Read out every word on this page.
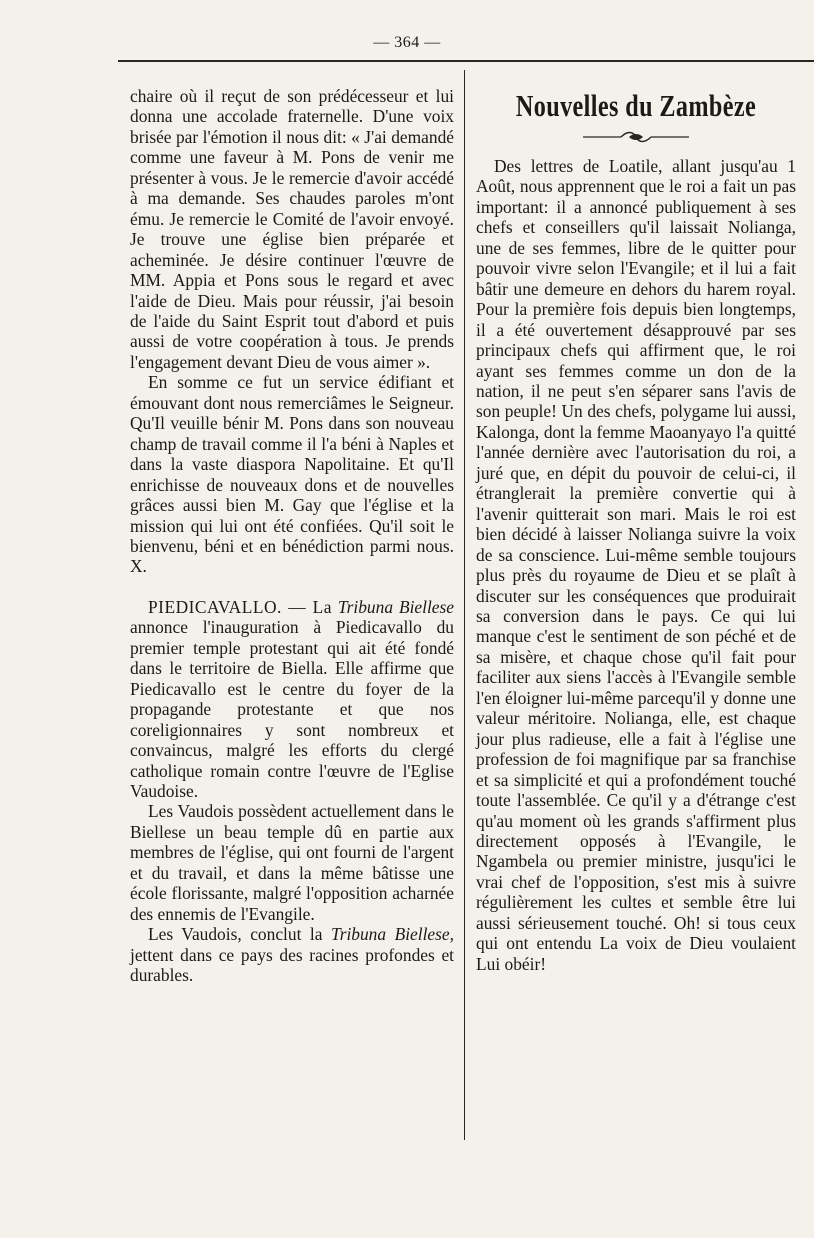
— 364 —

chaire où il reçut de son prédécesseur et lui donna une accolade fraternelle. D'une voix brisée par l'émotion il nous dit: « J'ai demandé comme une faveur à M. Pons de venir me présenter à vous. Je le remercie d'avoir accédé à ma demande. Ses chaudes paroles m'ont ému. Je remercie le Comité de l'avoir envoyé. Je trouve une église bien préparée et acheminée. Je désire continuer l'œuvre de MM. Appia et Pons sous le regard et avec l'aide de Dieu. Mais pour réussir, j'ai besoin de l'aide du Saint Esprit tout d'abord et puis aussi de votre coopération à tous. Je prends l'engagement devant Dieu de vous aimer ».

En somme ce fut un service édifiant et émouvant dont nous remerciâmes le Seigneur. Qu'Il veuille bénir M. Pons dans son nouveau champ de travail comme il l'a béni à Naples et dans la vaste diaspora Napolitaine. Et qu'Il enrichisse de nouveaux dons et de nouvelles grâces aussi bien M. Gay que l'église et la mission qui lui ont été confiées. Qu'il soit le bienvenu, béni et en bénédiction parmi nous. X.

PIEDICAVALLO. — La Tribuna Biellese annonce l'inauguration à Piedicavallo du premier temple protestant qui ait été fondé dans le territoire de Biella. Elle affirme que Piedicavallo est le centre du foyer de la propagande protestante et que nos coreligionnaires y sont nombreux et convaincus, malgré les efforts du clergé catholique romain contre l'œuvre de l'Eglise Vaudoise.

Les Vaudois possèdent actuellement dans le Biellese un beau temple dû en partie aux membres de l'église, qui ont fourni de l'argent et du travail, et dans la même bâtisse une école florissante, malgré l'opposition acharnée des ennemis de l'Evangile.

Les Vaudois, conclut la Tribuna Biellese, jettent dans ce pays des racines profondes et durables.

Nouvelles du Zambèze

Des lettres de Loatile, allant jusqu'au 1 Août, nous apprennent que le roi a fait un pas important: il a annoncé publiquement à ses chefs et conseillers qu'il laissait Nolianga, une de ses femmes, libre de le quitter pour pouvoir vivre selon l'Evangile; et il lui a fait bâtir une demeure en dehors du harem royal. Pour la première fois depuis bien longtemps, il a été ouvertement désapprouvé par ses principaux chefs qui affirment que, le roi ayant ses femmes comme un don de la nation, il ne peut s'en séparer sans l'avis de son peuple! Un des chefs, polygame lui aussi, Kalonga, dont la femme Maoanyayo l'a quitté l'année dernière avec l'autorisation du roi, a juré que, en dépit du pouvoir de celui-ci, il étranglerait la première convertie qui à l'avenir quitterait son mari. Mais le roi est bien décidé à laisser Nolianga suivre la voix de sa conscience. Lui-même semble toujours plus près du royaume de Dieu et se plaît à discuter sur les conséquences que produirait sa conversion dans le pays. Ce qui lui manque c'est le sentiment de son péché et de sa misère, et chaque chose qu'il fait pour faciliter aux siens l'accès à l'Evangile semble l'en éloigner lui-même parcequ'il y donne une valeur méritoire. Nolianga, elle, est chaque jour plus radieuse, elle a fait à l'église une profession de foi magnifique par sa franchise et sa simplicité et qui a profondément touché toute l'assemblée. Ce qu'il y a d'étrange c'est qu'au moment où les grands s'affirment plus directement opposés à l'Evangile, le Ngambela ou premier ministre, jusqu'ici le vrai chef de l'opposition, s'est mis à suivre régulièrement les cultes et semble être lui aussi sérieusement touché. Oh! si tous ceux qui ont entendu La voix de Dieu voulaient Lui obéir!
